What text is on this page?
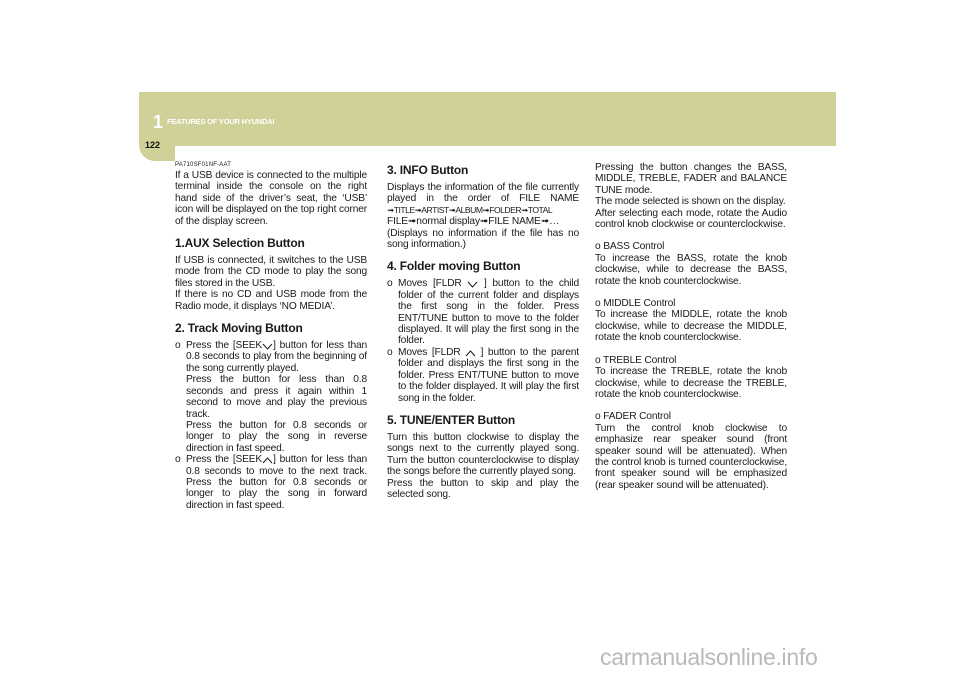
1 FEATURES OF YOUR HYUNDAI
122
PA710SF01NF-AAT

If a USB device is connected to the multiple terminal inside the console on the right hand side of the driver’s seat, the ‘USB’ icon will be displayed on the top right corner of the display screen.

1.AUX Selection Button

If USB is connected, it switches to the USB mode from the CD mode to play the song files stored in the USB.

If there is no CD and USB mode from the Radio mode, it displays ‘NO MEDIA’.

2. Track Moving Button
o Press the [SEEK ] button for less than 0.8 seconds to play from the beginning of the song currently played.
Press the button for less than 0.8 seconds and press it again within 1 second to move and play the previous track.
Press the button for 0.8 seconds or longer to play the song in reverse direction in fast speed.
o Press the [SEEK ] button for less than 0.8 seconds to move to the next track. Press the button for 0.8 seconds or longer to play the song in forward direction in fast speed.
3. INFO Button

Displays the information of the file currently played in the order of FILE NAME ➟TITLE➟ARTIST➟ALBUM➟FOLDER➟TOTAL FILE➟normal display➟FILE NAME➟…

(Displays no information if the file has no song information.)

4. Folder moving Button
o Moves [FLDR ] button to the child folder of the current folder and displays the first song in the folder. Press ENT/TUNE button to move to the folder displayed. It will play the first song in the folder.
o Moves [FLDR ] button to the parent folder and displays the first song in the folder. Press ENT/TUNE button to move to the folder displayed. It will play the first song in the folder.
5. TUNE/ENTER Button

Turn this button clockwise to display the songs next to the currently played song. Turn the button counterclockwise to display the songs before the currently played song.

Press the button to skip and play the selected song.

Pressing the button changes the BASS, MIDDLE, TREBLE, FADER and BALANCE TUNE mode.

The mode selected is shown on the display.

After selecting each mode, rotate the Audio control knob clockwise or counterclockwise.

o BASS Control

To increase the BASS, rotate the knob clockwise, while to decrease the BASS, rotate the knob counterclockwise.

o MIDDLE Control

To increase the MIDDLE, rotate the knob clockwise, while to decrease the MIDDLE, rotate the knob counterclockwise.

o TREBLE Control

To increase the TREBLE, rotate the knob clockwise, while to decrease the TREBLE, rotate the knob counterclockwise.

o FADER Control

Turn the control knob clockwise to emphasize rear speaker sound (front speaker sound will be attenuated). When the control knob is turned counterclockwise, front speaker sound will be emphasized (rear speaker sound will be attenuated).

carmanualsonline.info
